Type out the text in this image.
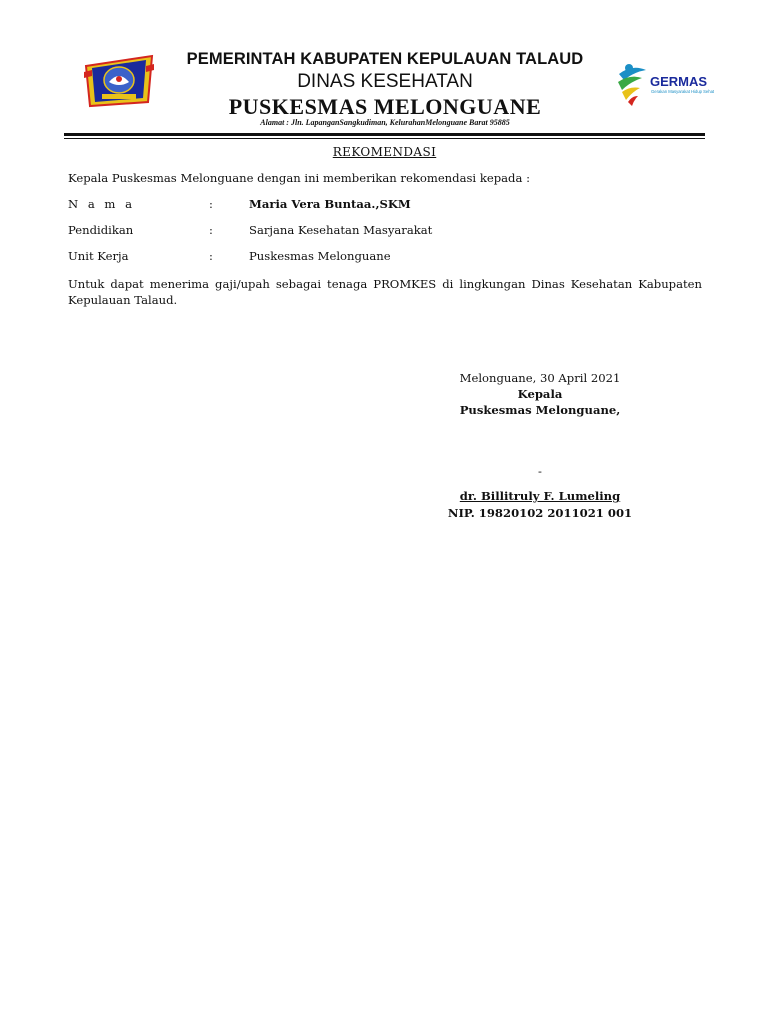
GERMAS
Gerakan Masyarakat Hidup Sehat
PEMERINTAH KABUPATEN KEPULAUAN TALAUD
DINAS KESEHATAN
PUSKESMAS MELONGUANE
Alamat : Jln. LapanganSangkudiman, KelurahanMelonguane Barat 95885
REKOMENDASI
Kepala Puskesmas Melonguane dengan ini memberikan rekomendasi kepada :
N a m a	:	Maria Vera Buntaa.,SKM
Pendidikan	:	Sarjana Kesehatan Masyarakat
Unit Kerja	:	Puskesmas Melonguane
Untuk dapat menerima gaji/upah sebagai tenaga PROMKES di lingkungan Dinas Kesehatan Kabupaten Kepulauan Talaud.
Melonguane, 30 April 2021
Kepala
Puskesmas Melonguane,
-
dr. Billitruly F. Lumeling
NIP. 19820102 2011021 001
